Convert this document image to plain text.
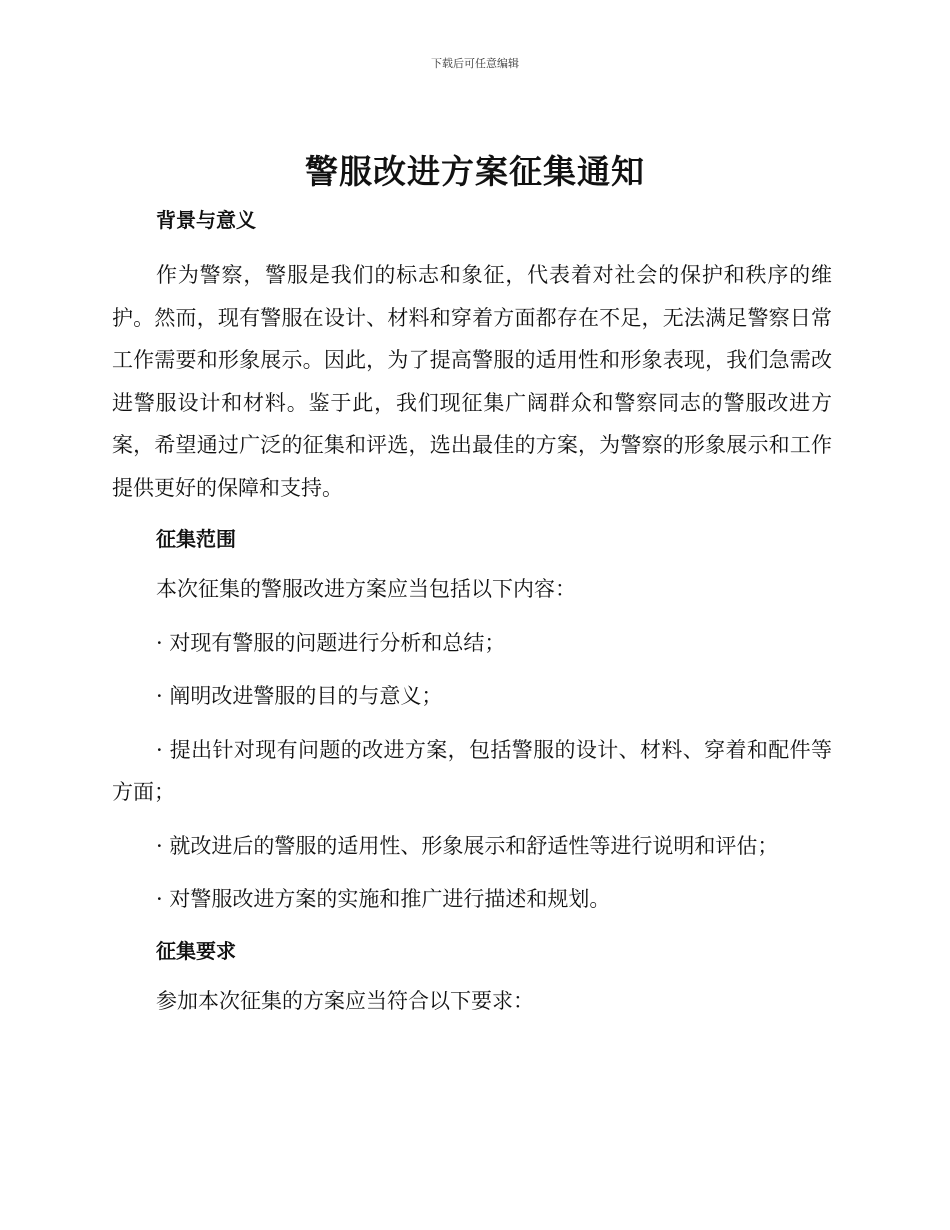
下载后可任意编辑
警服改进方案征集通知
背景与意义

作为警察，警服是我们的标志和象征，代表着对社会的保护和秩序的维护。然而，现有警服在设计、材料和穿着方面都存在不足，无法满足警察日常工作需要和形象展示。因此，为了提高警服的适用性和形象表现，我们急需改进警服设计和材料。鉴于此，我们现征集广阔群众和警察同志的警服改进方案，希望通过广泛的征集和评选，选出最佳的方案，为警察的形象展示和工作提供更好的保障和支持。

征集范围

本次征集的警服改进方案应当包括以下内容：

· 对现有警服的问题进行分析和总结；

· 阐明改进警服的目的与意义；

· 提出针对现有问题的改进方案，包括警服的设计、材料、穿着和配件等方面；

· 就改进后的警服的适用性、形象展示和舒适性等进行说明和评估；

· 对警服改进方案的实施和推广进行描述和规划。

征集要求

参加本次征集的方案应当符合以下要求：
